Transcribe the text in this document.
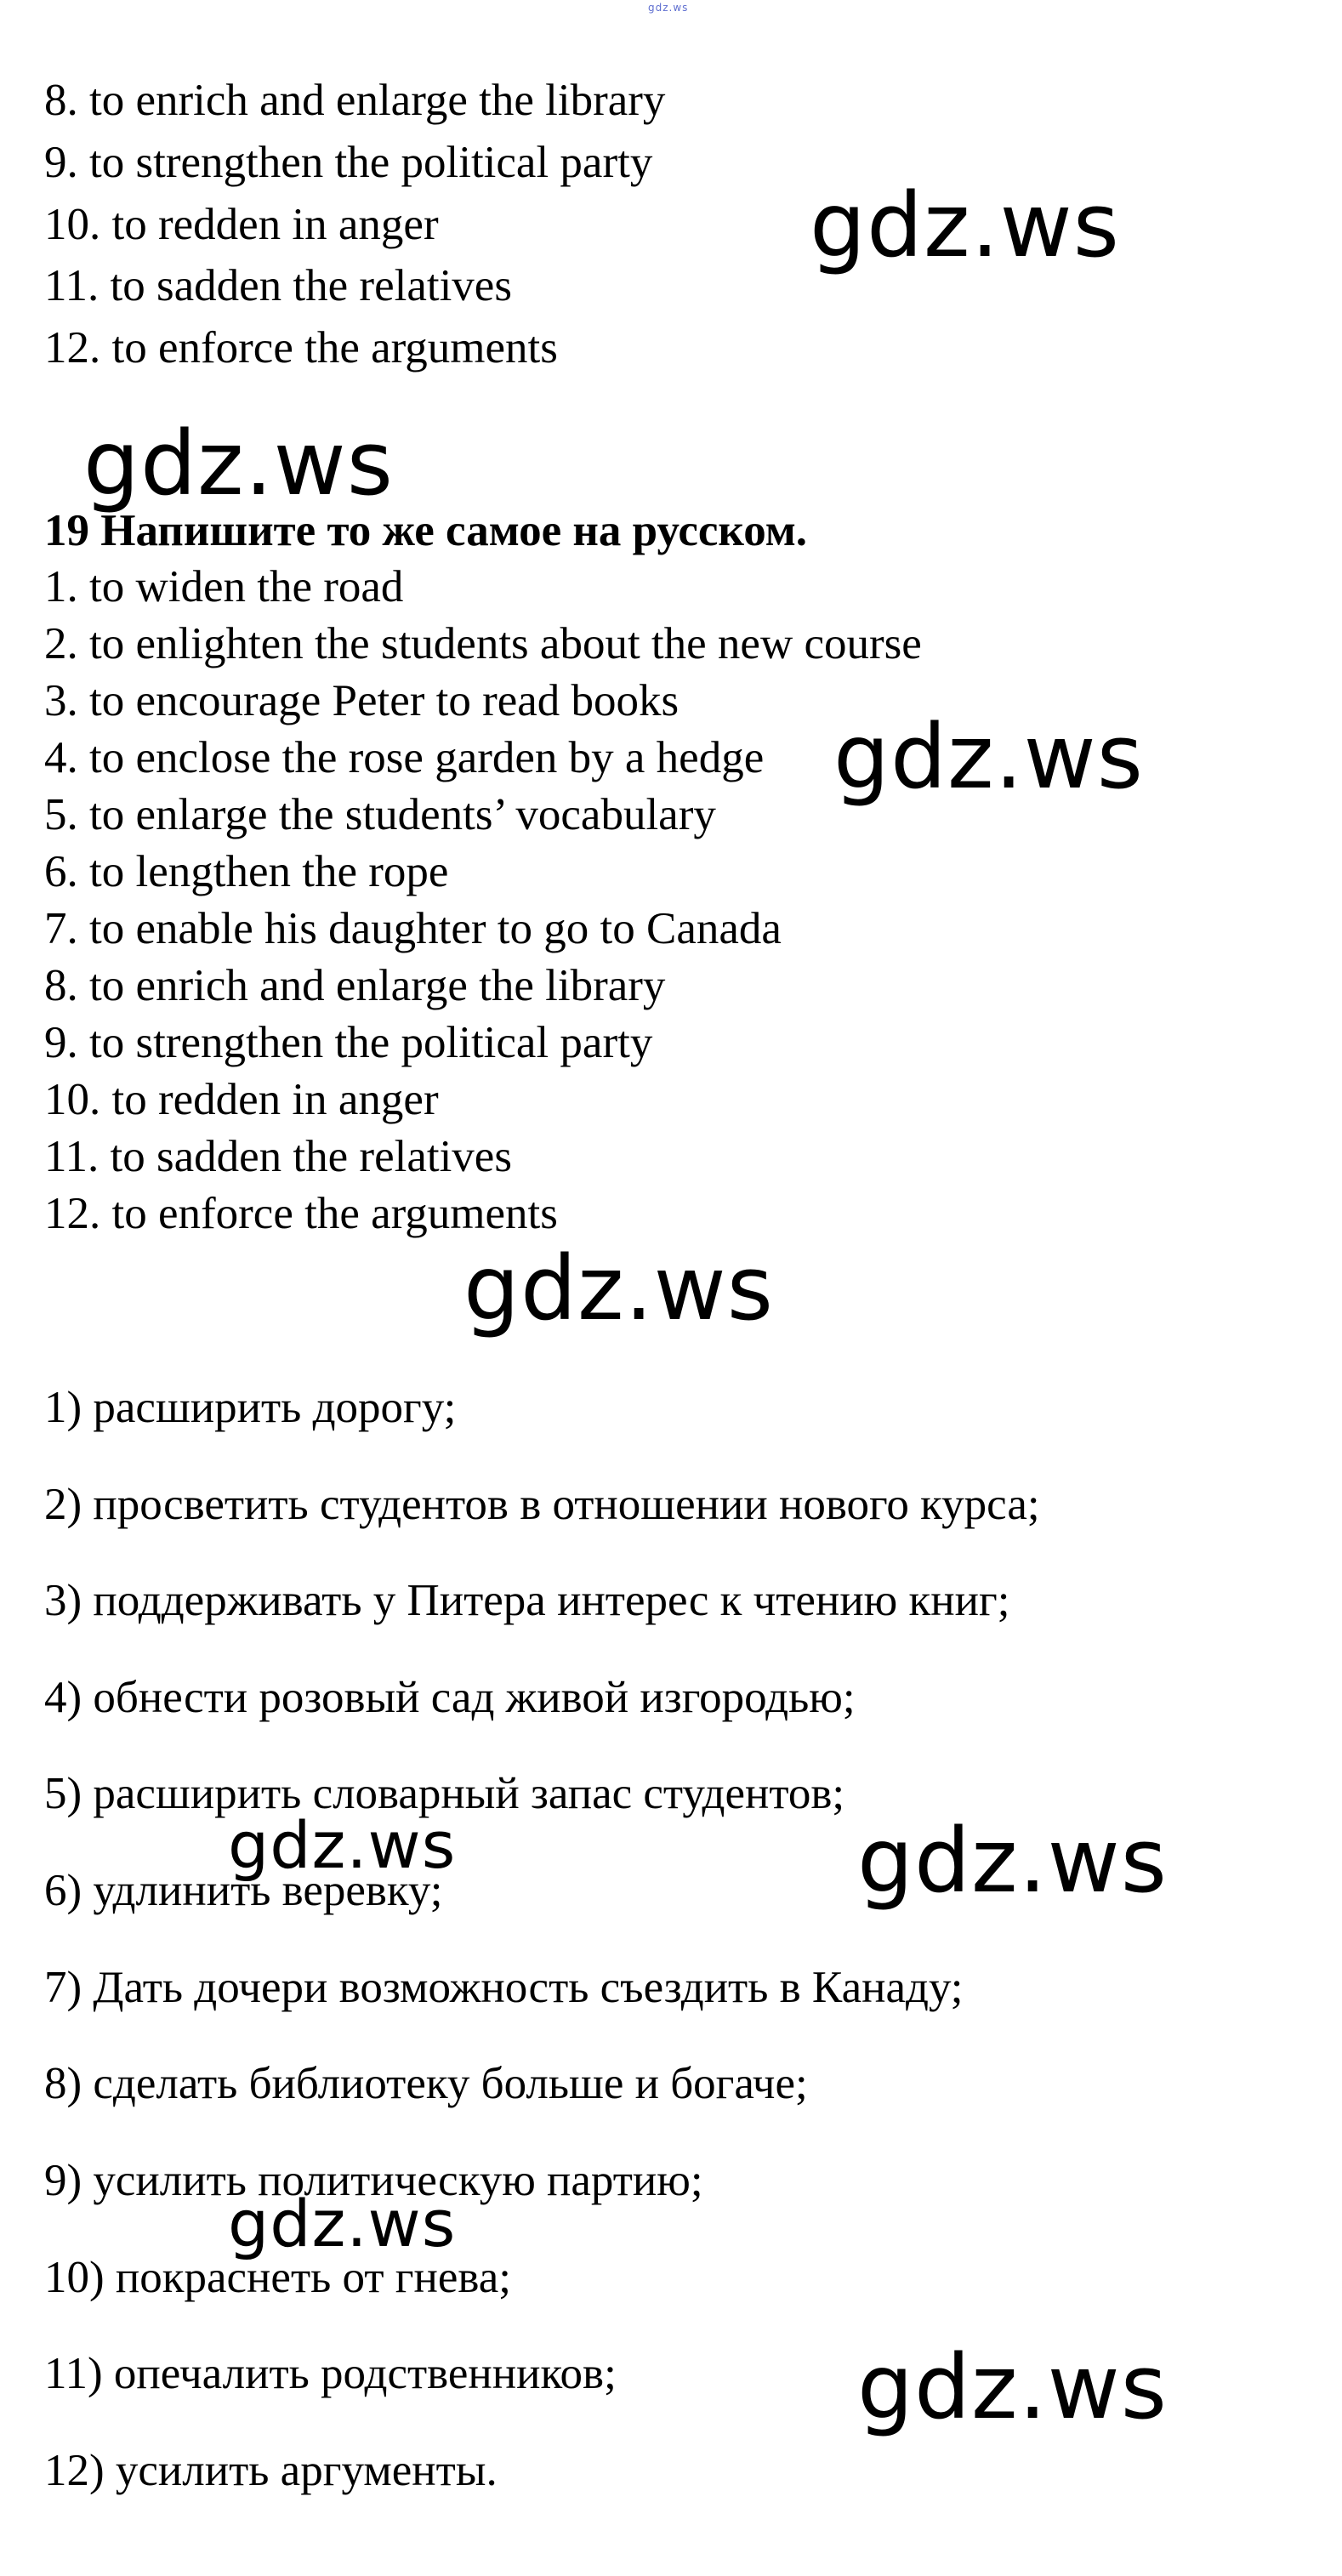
gdz.ws
8. to enrich and enlarge the library
9. to strengthen the political party
10. to redden in anger
11. to sadden the relatives
12. to enforce the arguments
gdz.ws
gdz.ws
19 Напишите то же самое на русском.
1. to widen the road
2. to enlighten the students about the new course
3. to encourage Peter to read books
4. to enclose the rose garden by a hedge
5. to enlarge the students’ vocabulary
6. to lengthen the rope
7. to enable his daughter to go to Canada
8. to enrich and enlarge the library
9. to strengthen the political party
10. to redden in anger
11. to sadden the relatives
12. to enforce the arguments
gdz.ws
gdz.ws
1) расширить дорогу;
2) просветить студентов в отношении нового курса;
3) поддерживать у Питера интерес к чтению книг;
4) обнести розовый сад живой изгородью;
5) расширить словарный запас студентов;
6) удлинить веревку;
7) Дать дочери возможность съездить в Канаду;
8) сделать библиотеку больше и богаче;
9) усилить политическую партию;
10) покраснеть от гнева;
11) опечалить родственников;
12) усилить аргументы.
gdz.ws	gdz.ws
gdz.ws
gdz.ws
